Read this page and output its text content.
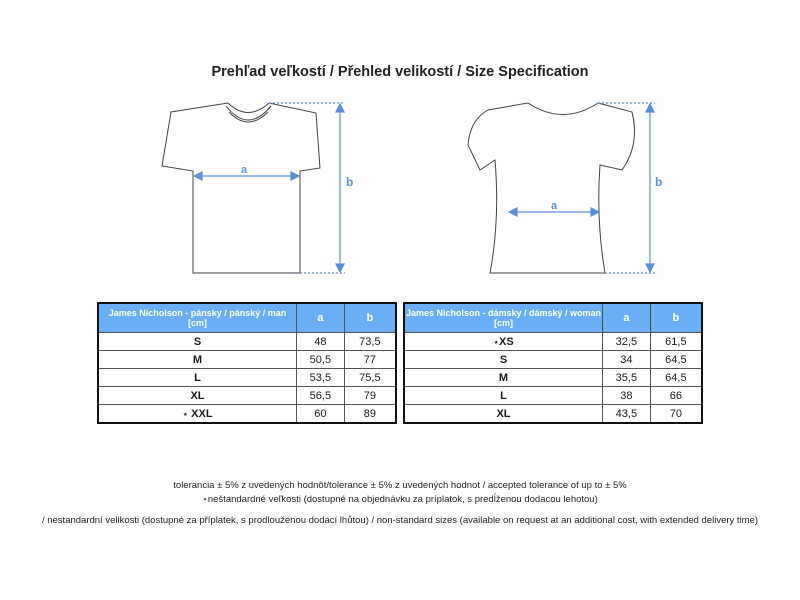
Prehľad veľkostí / Přehled velikostí / Size Specification
a
b
a
b
James Nicholson - pánsky / pánský / man [cm]	a	b
S	48	73,5
M	50,5	77
L	53,5	75,5
XL	56,5	79
⋆ XXL	60	89
James Nicholson - dámsky / dámský / woman [cm]	a	b
⋆XS	32,5	61,5
S	34	64,5
M	35,5	64,5
L	38	66
XL	43,5	70
tolerancia ± 5% z uvedených hodnôt/tolerance ± 5% z uvedených hodnot / accepted tolerance of up to ± 5%
⋆neštandardné veľkosti (dostupné na objednávku za príplatok, s predĺženou dodacou lehotou)
/ nestandardní velikosti (dostupné za příplatek, s prodlouženou dodací lhůtou) / non-standard sizes (available on request at an additional cost, with extended delivery time)
